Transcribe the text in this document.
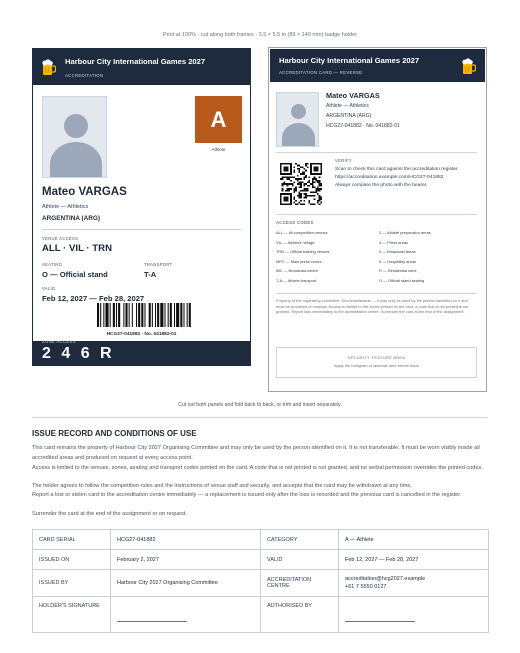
Print at 100% · cut along both frames · 3.5 × 5.5 in (89 × 140 mm) badge holder
Harbour City International Games 2027
ACCREDITATION
A
Athlete
Mateo VARGAS
Athlete — Athletics
ARGENTINA (ARG)
VENUE ACCESS
ALL · VIL · TRN
SEATING
O — Official stand
TRANSPORT
T-A
VALID
Feb 12, 2027 — Feb 28, 2027
HCG27-041882 · No. 041882-01
ZONE ACCESS
2 4 6 R
Harbour City International Games 2027
ACCREDITATION CARD — REVERSE
Mateo VARGAS
Athlete — Athletics
ARGENTINA (ARG)
HCG27-041882 · No. 041882-01
VERIFY
Scan to check this card against the accreditation register.
https://accreditation.example.com/HCG27-041882
Always compare the photo with the bearer.
ACCESS CODES
ALL — All competition venues
VIL — Athletes' village
TRN — Official training venues
MPC — Main press centre
IBC — Broadcast centre
T-A — Athlete transport
2 — Athlete preparation areas
4 — Press areas
5 — Broadcast areas
6 — Hospitality areas
R — Residential zone
O — Official stand seating
Property of the organising committee. Non-transferable — it may only be used by the person identified on it and must be produced on request. Access is limited to the zones printed on the card; a code that is not printed is not granted. Report loss immediately to the accreditation centre. Surrender the card at the end of the assignment.
SECURITY FEATURE AREA
Apply the hologram or laminate here before issue
Cut out both panels and fold back to back, or trim and insert separately.
ISSUE RECORD AND CONDITIONS OF USE
This card remains the property of Harbour City 2027 Organising Committee and may only be used by the person identified on it. It is not transferable. It must be worn visibly inside all accredited areas and produced on request at every access point.
Access is limited to the venues, zones, seating and transport codes printed on the card. A code that is not printed is not granted, and no verbal permission overrides the printed codes.
The holder agrees to follow the competition rules and the instructions of venue staff and security, and accepts that the card may be withdrawn at any time.
Report a lost or stolen card to the accreditation centre immediately — a replacement is issued only after the loss is recorded and the previous card is cancelled in the register.
Surrender the card at the end of the assignment or on request.
CARD SERIAL	HCG27-041882	CATEGORY	A — Athlete
ISSUED ON	February 2, 2027	VALID	Feb 12, 2027 — Feb 28, 2027
ISSUED BY	Harbour City 2027 Organising Committee	ACCREDITATION CENTRE	accreditation@hcg2027.example
+61 7 5550 0127
HOLDER'S SIGNATURE		AUTHORISED BY	
